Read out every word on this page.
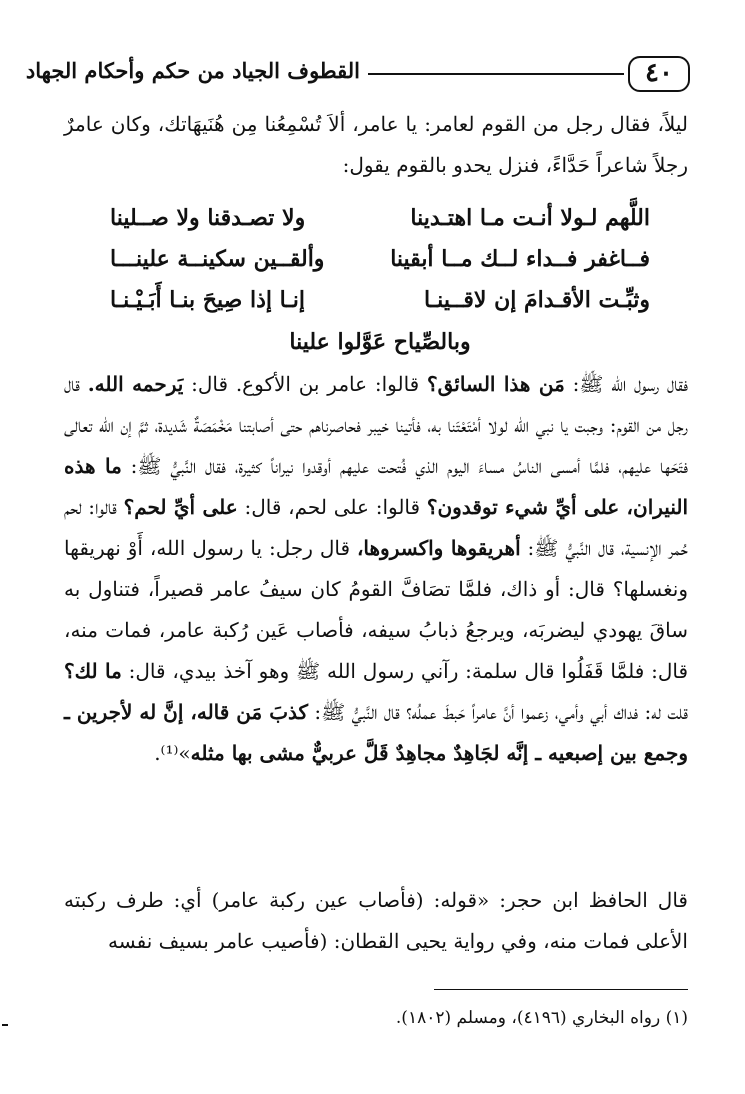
٤٠
القطوف الجياد من حكم وأحكام الجهاد

ليلاً، فقال رجل من القوم لعامر: يا عامر، ألاَ تُسْمِعُنا مِن هُنَيهَاتك، وكان عامرٌ رجلاً شاعراً حَدَّاءً، فنزل يحدو بالقوم يقول:

اللَّهم لـولا أنـت مـا اهتـدينا
ولا تصـدقنا ولا صــلينا
فــاغفر فــداء لــك مــا أبقينا
وألقــين سكينــة علينـــا
وثبِّـت الأقـدامَ إن لاقــينـا
إنـا إذا صِيحَ بنـا أَبَـيْـنـا
وبالصِّياح عَوَّلوا علينا

فقال رسول الله ﷺ: مَن هذا السائق؟ قالوا: عامر بن الأكوع. قال: يَرحمه الله. قال رجل من القوم: وجبت يا نبي الله لولا أمْتَعْتَنا به، فأتينا خيبر فحاصرناهم حتى أصابتنا مَخْمَصَةٌ شَديدة، ثمَّ إن الله تعالى فتَحَها عليهم، فلمَّا أمسى الناسُ مساءَ اليوم الذي فُتحت عليهم أوقدوا نيراناً كثيرة، فقال النَّبيُّ ﷺ: ما هذه النيران، على أيِّ شيء توقدون؟ قالوا: على لحم، قال: على أيِّ لحم؟ قالوا: لحم حُمر الإنسية، قال النَّبيُّ ﷺ: أهريقوها واكسروها، قال رجل: يا رسول الله، أَوْ نهريقها ونغسلها؟ قال: أو ذاك، فلمَّا تصَافَّ القومُ كان سيفُ عامر قصيراً، فتناول به ساقَ يهودي ليضربَه، ويرجعُ ذبابُ سيفه، فأصاب عَين رُكبة عامر، فمات منه، قال: فلمَّا قَفَلُوا قال سلمة: رآني رسول الله ﷺ وهو آخذ بيدي، قال: ما لك؟ قلت له: فداك أبي وأمي، زعموا أنَّ عامراً حَبطَ عملُه؟ قال النَّبيُّ ﷺ: كذبَ مَن قاله، إنَّ له لأجرين ـ وجمع بين إصبعيه ـ إنَّه لجَاهِدٌ مجاهِدٌ قَلَّ عربيٌّ مشى بها مثله»⁽¹⁾.

قال الحافظ ابن حجر: «قوله: (فأصاب عين ركبة عامر) أي: طرف ركبته الأعلى فمات منه، وفي رواية يحيى القطان: (فأصيب عامر بسيف نفسه

(١) رواه البخاري (٤١٩٦)، ومسلم (١٨٠٢).
